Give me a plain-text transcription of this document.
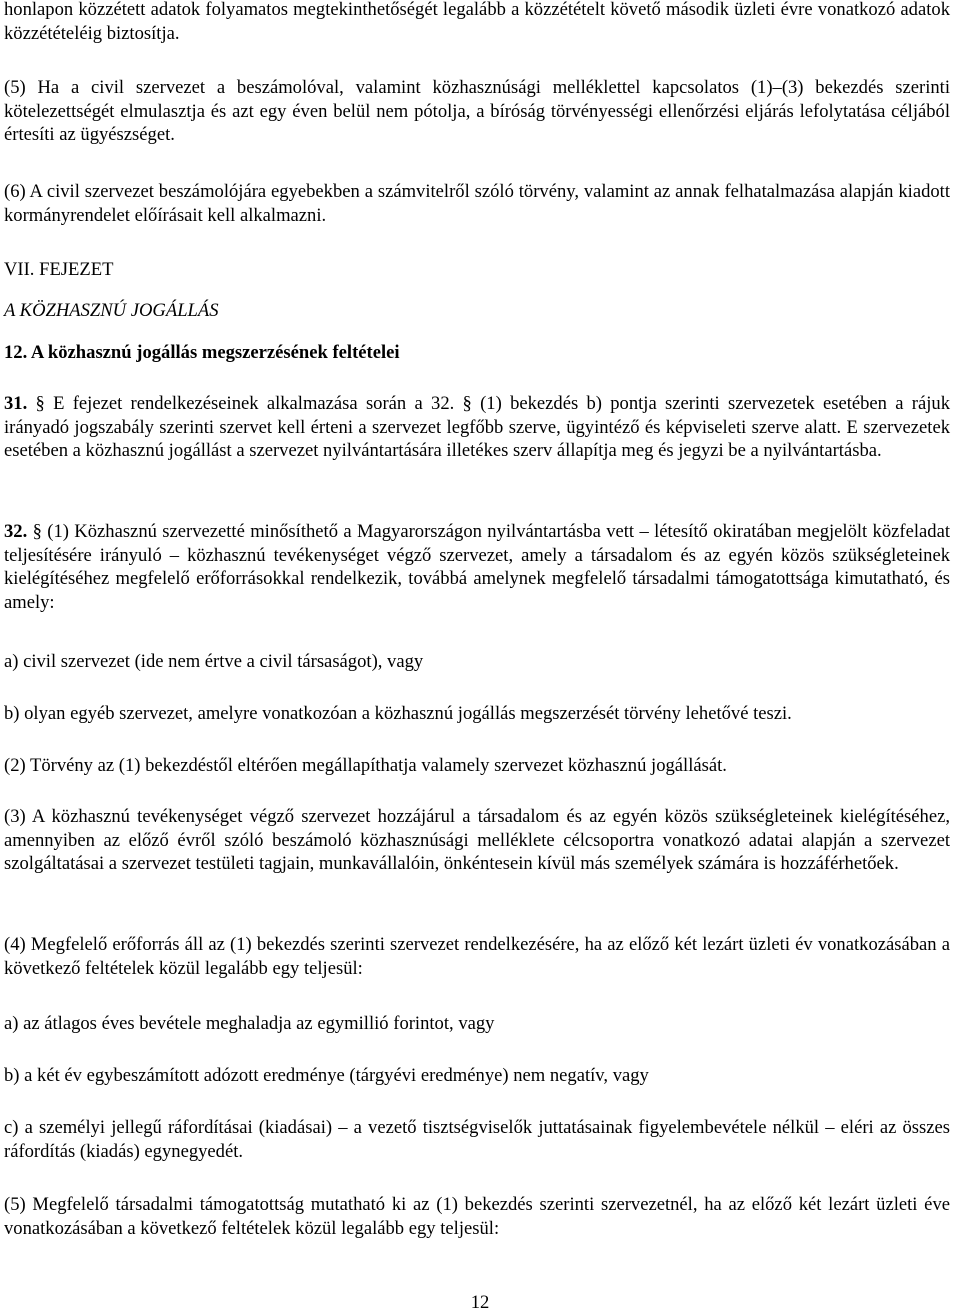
honlapon közzétett adatok folyamatos megtekinthetőségét legalább a közzétételt követő második üzleti évre vonatkozó adatok közzétételéig biztosítja.

(5) Ha a civil szervezet a beszámolóval, valamint közhasznúsági melléklettel kapcsolatos (1)–(3) bekezdés szerinti kötelezettségét elmulasztja és azt egy éven belül nem pótolja, a bíróság törvényességi ellenőrzési eljárás lefolytatása céljából értesíti az ügyészséget.

(6) A civil szervezet beszámolójára egyebekben a számvitelről szóló törvény, valamint az annak felhatalmazása alapján kiadott kormányrendelet előírásait kell alkalmazni.

VII. FEJEZET

A KÖZHASZNÚ JOGÁLLÁS

12. A közhasznú jogállás megszerzésének feltételei

31. § E fejezet rendelkezéseinek alkalmazása során a 32. § (1) bekezdés b) pontja szerinti szervezetek esetében a rájuk irányadó jogszabály szerinti szervet kell érteni a szervezet legfőbb szerve, ügyintéző és képviseleti szerve alatt. E szervezetek esetében a közhasznú jogállást a szervezet nyilvántartására illetékes szerv állapítja meg és jegyzi be a nyilvántartásba.

32. § (1) Közhasznú szervezetté minősíthető a Magyarországon nyilvántartásba vett – létesítő okiratában megjelölt közfeladat teljesítésére irányuló – közhasznú tevékenységet végző szervezet, amely a társadalom és az egyén közös szükségleteinek kielégítéséhez megfelelő erőforrásokkal rendelkezik, továbbá amelynek megfelelő társadalmi támogatottsága kimutatható, és amely:

a) civil szervezet (ide nem értve a civil társaságot), vagy

b) olyan egyéb szervezet, amelyre vonatkozóan a közhasznú jogállás megszerzését törvény lehetővé teszi.

(2) Törvény az (1) bekezdéstől eltérően megállapíthatja valamely szervezet közhasznú jogállását.

(3) A közhasznú tevékenységet végző szervezet hozzájárul a társadalom és az egyén közös szükségleteinek kielégítéséhez, amennyiben az előző évről szóló beszámoló közhasznúsági melléklete célcsoportra vonatkozó adatai alapján a szervezet szolgáltatásai a szervezet testületi tagjain, munkavállalóin, önkéntesein kívül más személyek számára is hozzáférhetőek.

(4) Megfelelő erőforrás áll az (1) bekezdés szerinti szervezet rendelkezésére, ha az előző két lezárt üzleti év vonatkozásában a következő feltételek közül legalább egy teljesül:

a) az átlagos éves bevétele meghaladja az egymillió forintot, vagy

b) a két év egybeszámított adózott eredménye (tárgyévi eredménye) nem negatív, vagy

c) a személyi jellegű ráfordításai (kiadásai) – a vezető tisztségviselők juttatásainak figyelembevétele nélkül – eléri az összes ráfordítás (kiadás) egynegyedét.

(5) Megfelelő társadalmi támogatottság mutatható ki az (1) bekezdés szerinti szervezetnél, ha az előző két lezárt üzleti éve vonatkozásában a következő feltételek közül legalább egy teljesül:

12
